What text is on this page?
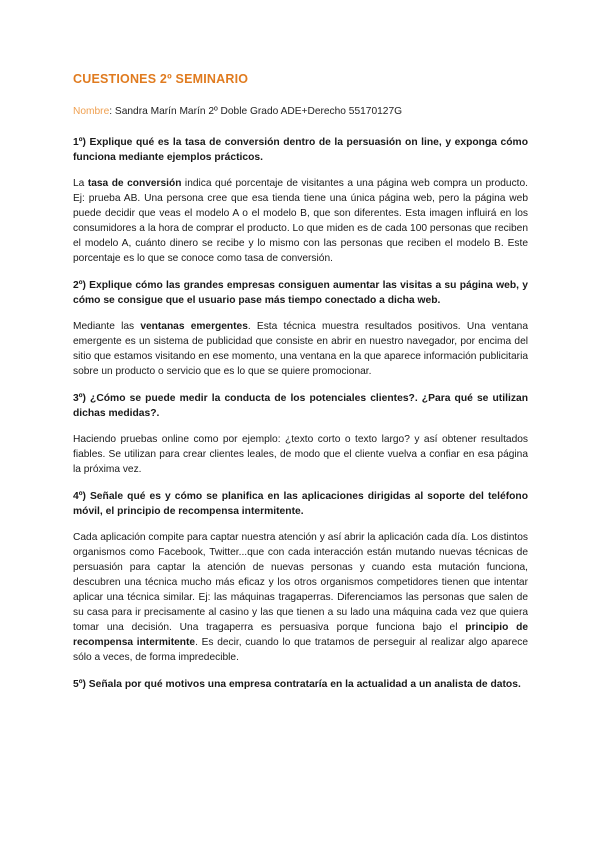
CUESTIONES 2º SEMINARIO
Nombre: Sandra Marín Marín 2º Doble Grado ADE+Derecho 55170127G
1º) Explique qué es la tasa de conversión dentro de la persuasión on line, y exponga cómo funciona mediante ejemplos prácticos.
La tasa de conversión indica qué porcentaje de visitantes a una página web compra un producto. Ej: prueba AB. Una persona cree que esa tienda tiene una única página web, pero la página web puede decidir que veas el modelo A o el modelo B, que son diferentes. Esta imagen influirá en los consumidores a la hora de comprar el producto. Lo que miden es de cada 100 personas que reciben el modelo A, cuánto dinero se recibe y lo mismo con las personas que reciben el modelo B. Este porcentaje es lo que se conoce como tasa de conversión.
2º) Explique cómo las grandes empresas consiguen aumentar las visitas a su página web, y cómo se consigue que el usuario pase más tiempo conectado a dicha web.
Mediante las ventanas emergentes. Esta técnica muestra resultados positivos. Una ventana emergente es un sistema de publicidad que consiste en abrir en nuestro navegador, por encima del sitio que estamos visitando en ese momento, una ventana en la que aparece información publicitaria sobre un producto o servicio que es lo que se quiere promocionar.
3º) ¿Cómo se puede medir la conducta de los potenciales clientes?. ¿Para qué se utilizan dichas medidas?.
Haciendo pruebas online como por ejemplo: ¿texto corto o texto largo? y así obtener resultados fiables. Se utilizan para crear clientes leales, de modo que el cliente vuelva a confiar en esa página la próxima vez.
4º) Señale qué es y cómo se planifica en las aplicaciones dirigidas al soporte del teléfono móvil, el principio de recompensa intermitente.
Cada aplicación compite para captar nuestra atención y así abrir la aplicación cada día. Los distintos organismos como Facebook, Twitter...que con cada interacción están mutando nuevas técnicas de persuasión para captar la atención de nuevas personas y cuando esta mutación funciona, descubren una técnica mucho más eficaz y los otros organismos competidores tienen que intentar aplicar una técnica similar. Ej: las máquinas tragaperras. Diferenciamos las personas que salen de su casa para ir precisamente al casino y las que tienen a su lado una máquina cada vez que quiera tomar una decisión. Una tragaperra es persuasiva porque funciona bajo el principio de recompensa intermitente. Es decir, cuando lo que tratamos de perseguir al realizar algo aparece sólo a veces, de forma impredecible.
5º) Señala por qué motivos una empresa contrataría en la actualidad a un analista de datos.
